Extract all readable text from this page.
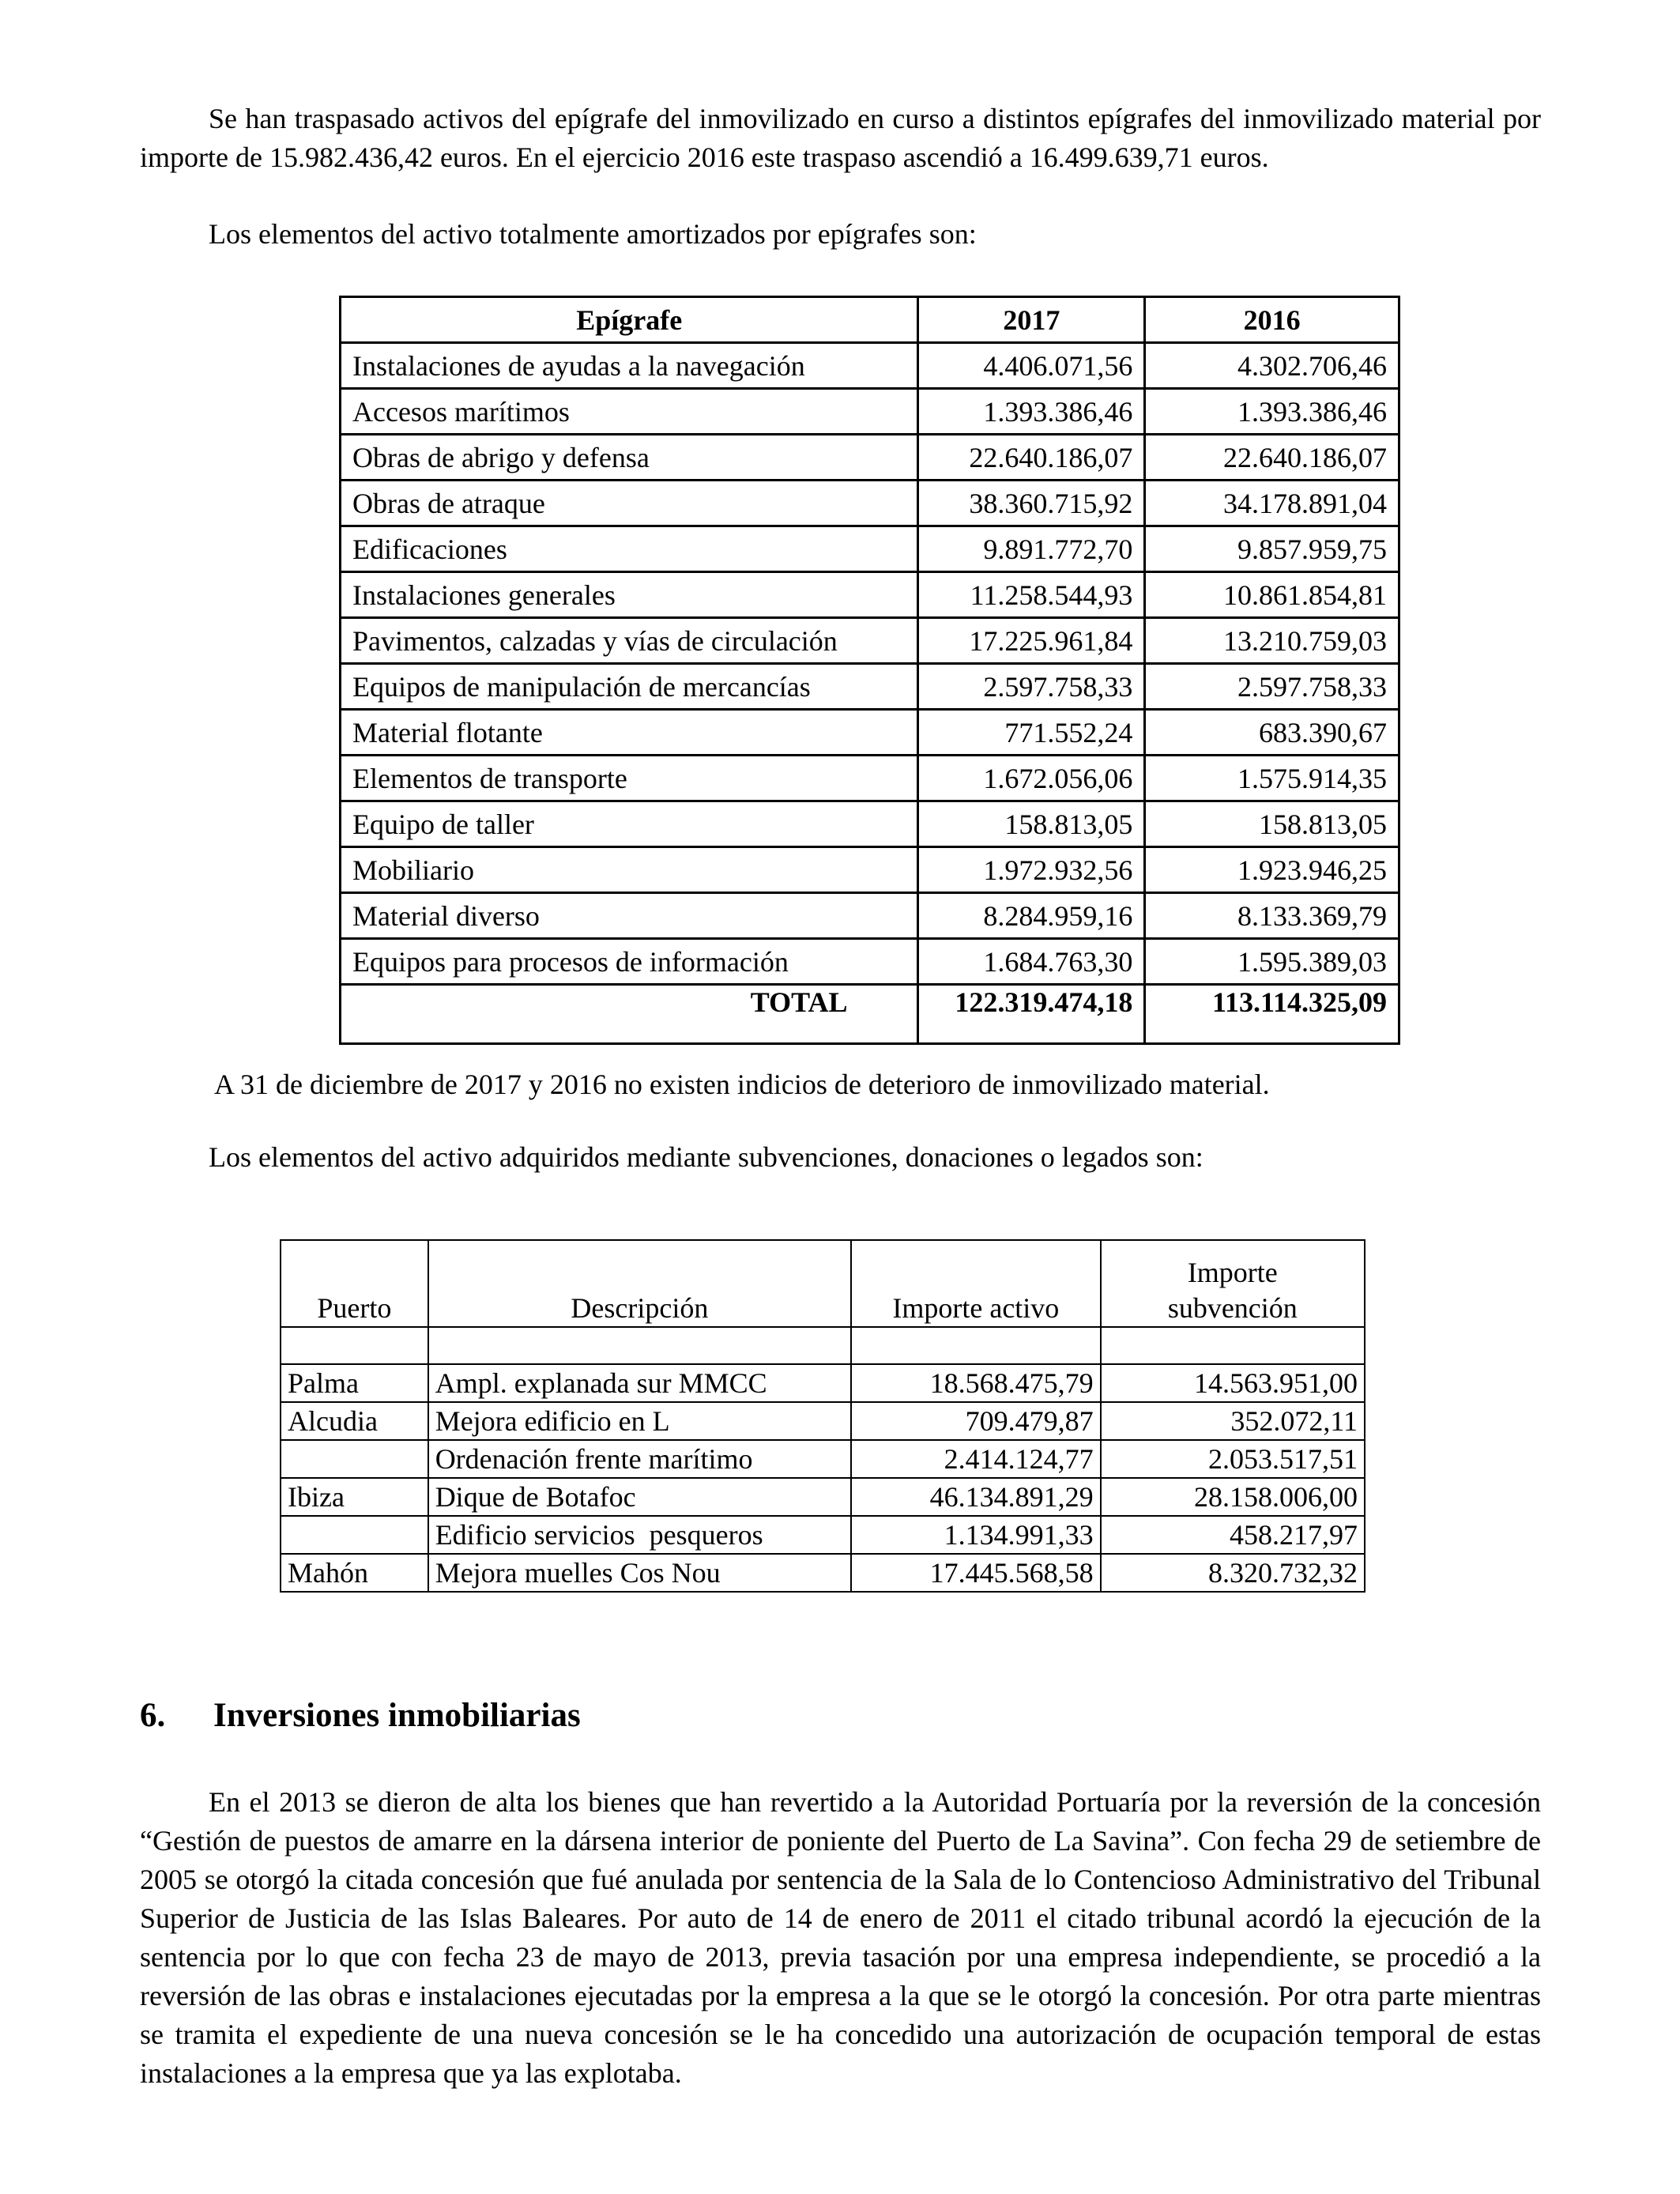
Se han traspasado activos del epígrafe del inmovilizado en curso a distintos epígrafes del inmovilizado material por importe de 15.982.436,42 euros. En el ejercicio 2016 este traspaso ascendió a 16.499.639,71 euros.

Los elementos del activo totalmente amortizados por epígrafes son:

Epígrafe	2017	2016
Instalaciones de ayudas a la navegación	4.406.071,56	4.302.706,46
Accesos marítimos	1.393.386,46	1.393.386,46
Obras de abrigo y defensa	22.640.186,07	22.640.186,07
Obras de atraque	38.360.715,92	34.178.891,04
Edificaciones	9.891.772,70	9.857.959,75
Instalaciones generales	11.258.544,93	10.861.854,81
Pavimentos, calzadas y vías de circulación	17.225.961,84	13.210.759,03
Equipos de manipulación de mercancías	2.597.758,33	2.597.758,33
Material flotante	771.552,24	683.390,67
Elementos de transporte	1.672.056,06	1.575.914,35
Equipo de taller	158.813,05	158.813,05
Mobiliario	1.972.932,56	1.923.946,25
Material diverso	8.284.959,16	8.133.369,79
Equipos para procesos de información	1.684.763,30	1.595.389,03
TOTAL	122.319.474,18	113.114.325,09

A 31 de diciembre de 2017 y 2016 no existen indicios de deterioro de inmovilizado material.

Los elementos del activo adquiridos mediante subvenciones, donaciones o legados son:

Puerto	Descripción	Importe activo	Importe
subvención

Palma	Ampl. explanada sur MMCC	18.568.475,79	14.563.951,00
Alcudia	Mejora edificio en L	709.479,87	352.072,11
	Ordenación frente marítimo	2.414.124,77	2.053.517,51
Ibiza	Dique de Botafoc	46.134.891,29	28.158.006,00
	Edificio servicios  pesqueros	1.134.991,33	458.217,97
Mahón	Mejora muelles Cos Nou	17.445.568,58	8.320.732,32
6. Inversiones inmobiliarias

En el 2013 se dieron de alta los bienes que han revertido a la Autoridad Portuaría por la reversión de la concesión “Gestión de puestos de amarre en la dársena interior de poniente del Puerto de La Savina”. Con fecha 29 de setiembre de 2005 se otorgó la citada concesión que fué anulada por sentencia de la Sala de lo Contencioso Administrativo del Tribunal Superior de Justicia de las Islas Baleares. Por auto de 14 de enero de 2011 el citado tribunal acordó la ejecución de la sentencia por lo que con fecha 23 de mayo de 2013, previa tasación por una empresa independiente, se procedió a la reversión de las obras e instalaciones ejecutadas por la empresa a la que se le otorgó la concesión. Por otra parte mientras se tramita el expediente de una nueva concesión se le ha concedido una autorización de ocupación temporal de estas instalaciones a la empresa que ya las explotaba.
